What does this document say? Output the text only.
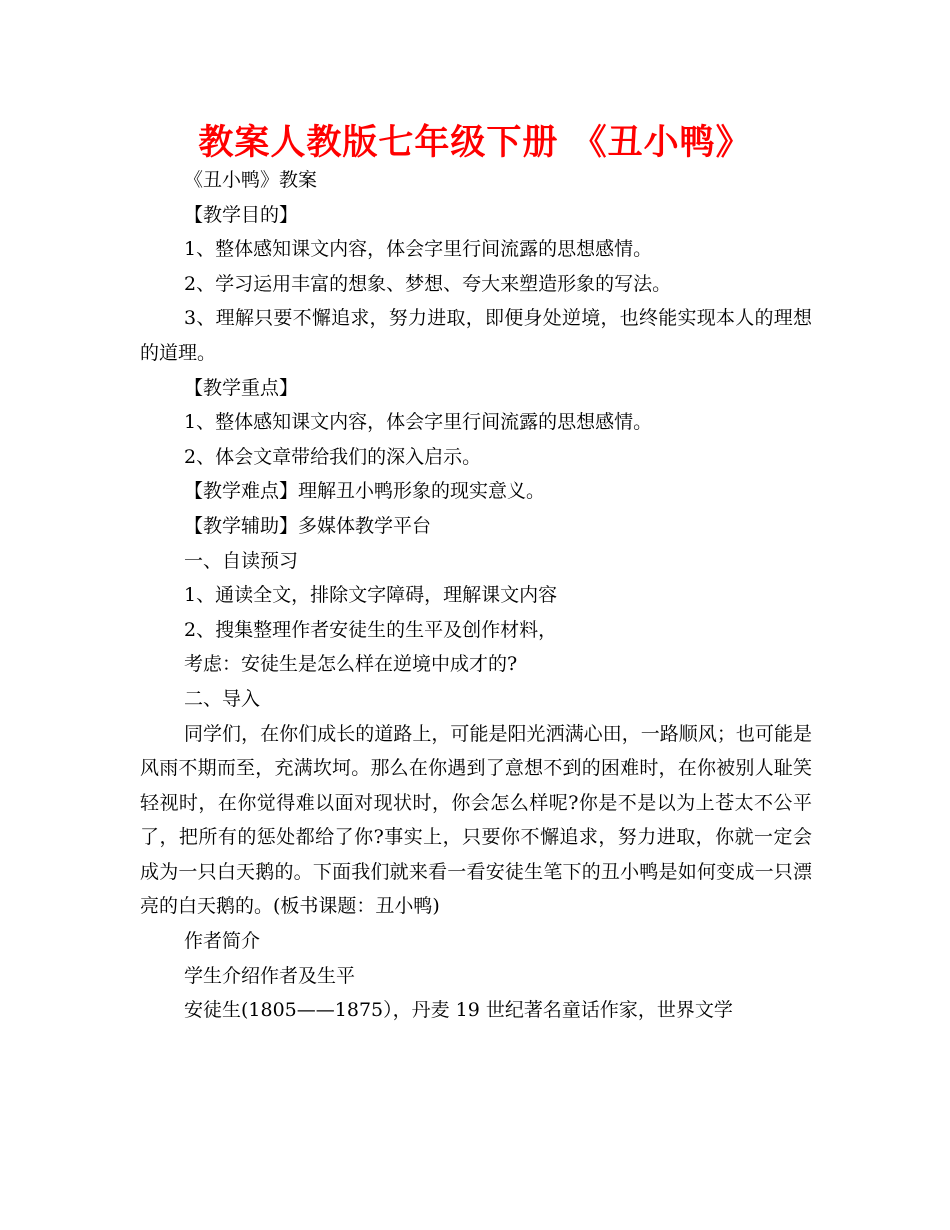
教案人教版七年级下册 《丑小鸭》

《丑小鸭》教案

【教学目的】

1、整体感知课文内容，体会字里行间流露的思想感情。

2、学习运用丰富的想象、梦想、夸大来塑造形象的写法。

3、理解只要不懈追求，努力进取，即便身处逆境，也终能实现本人的理想的道理。

【教学重点】

1、整体感知课文内容，体会字里行间流露的思想感情。

2、体会文章带给我们的深入启示。

【教学难点】理解丑小鸭形象的现实意义。

【教学辅助】多媒体教学平台

一、自读预习

1、通读全文，排除文字障碍，理解课文内容

2、搜集整理作者安徒生的生平及创作材料，

考虑：安徒生是怎么样在逆境中成才的?

二、导入

同学们，在你们成长的道路上，可能是阳光洒满心田，一路顺风；也可能是风雨不期而至，充满坎坷。那么在你遇到了意想不到的困难时，在你被别人耻笑轻视时，在你觉得难以面对现状时，你会怎么样呢?你是不是以为上苍太不公平了，把所有的惩处都给了你?事实上，只要你不懈追求，努力进取，你就一定会成为一只白天鹅的。下面我们就来看一看安徒生笔下的丑小鸭是如何变成一只漂亮的白天鹅的。(板书课题：丑小鸭)

作者简介

学生介绍作者及生平

安徒生(1805——1875），丹麦 19 世纪著名童话作家，世界文学
